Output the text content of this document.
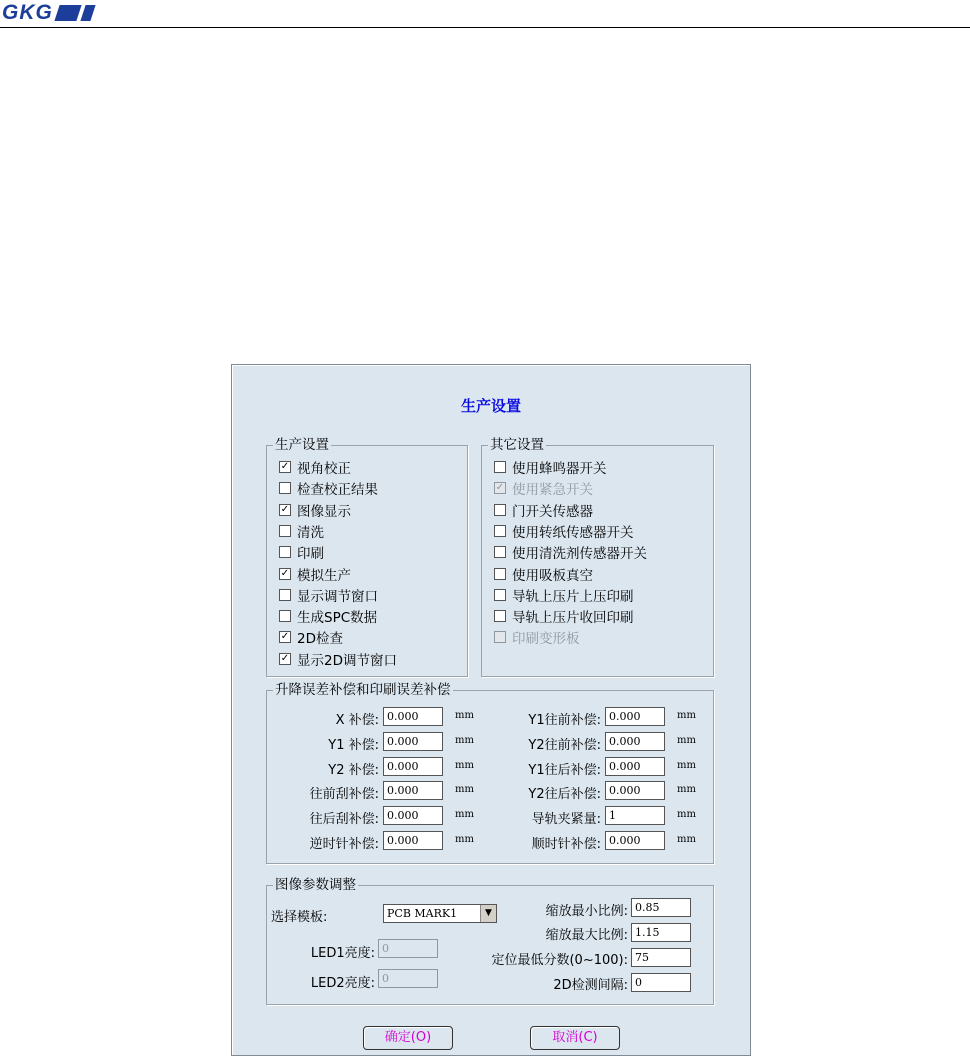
GKG
生产设置
生产设置
✓ 视角校正
检查校正结果
✓ 图像显示
清洗
印刷
✓ 模拟生产
显示调节窗口
生成SPC数据
✓ 2D检查
✓ 显示2D调节窗口
其它设置
使用蜂鸣器开关
✓ 使用紧急开关
门开关传感器
使用转纸传感器开关
使用清洗剂传感器开关
使用吸板真空
导轨上压片上压印刷
导轨上压片收回印刷
印刷变形板
升降误差补偿和印刷误差补偿
X 补偿: 0.000	mm
Y1 补偿: 0.000	mm
Y2 补偿: 0.000	mm
往前刮补偿: 0.000	mm
往后刮补偿: 0.000	mm
逆时针补偿: 0.000	mm
Y1往前补偿: 0.000	mm
Y2往前补偿: 0.000	mm
Y1往后补偿: 0.000	mm
Y2往后补偿: 0.000	mm
导轨夹紧量: 1	mm
顺时针补偿: 0.000	mm
图像参数调整
选择模板:	PCB MARK1	▼
LED1亮度: 0
LED2亮度: 0
缩放最小比例: 0.85
缩放最大比例: 1.15
定位最低分数(0~100): 75
2D检测间隔: 0
确定(O)	取消(C)
